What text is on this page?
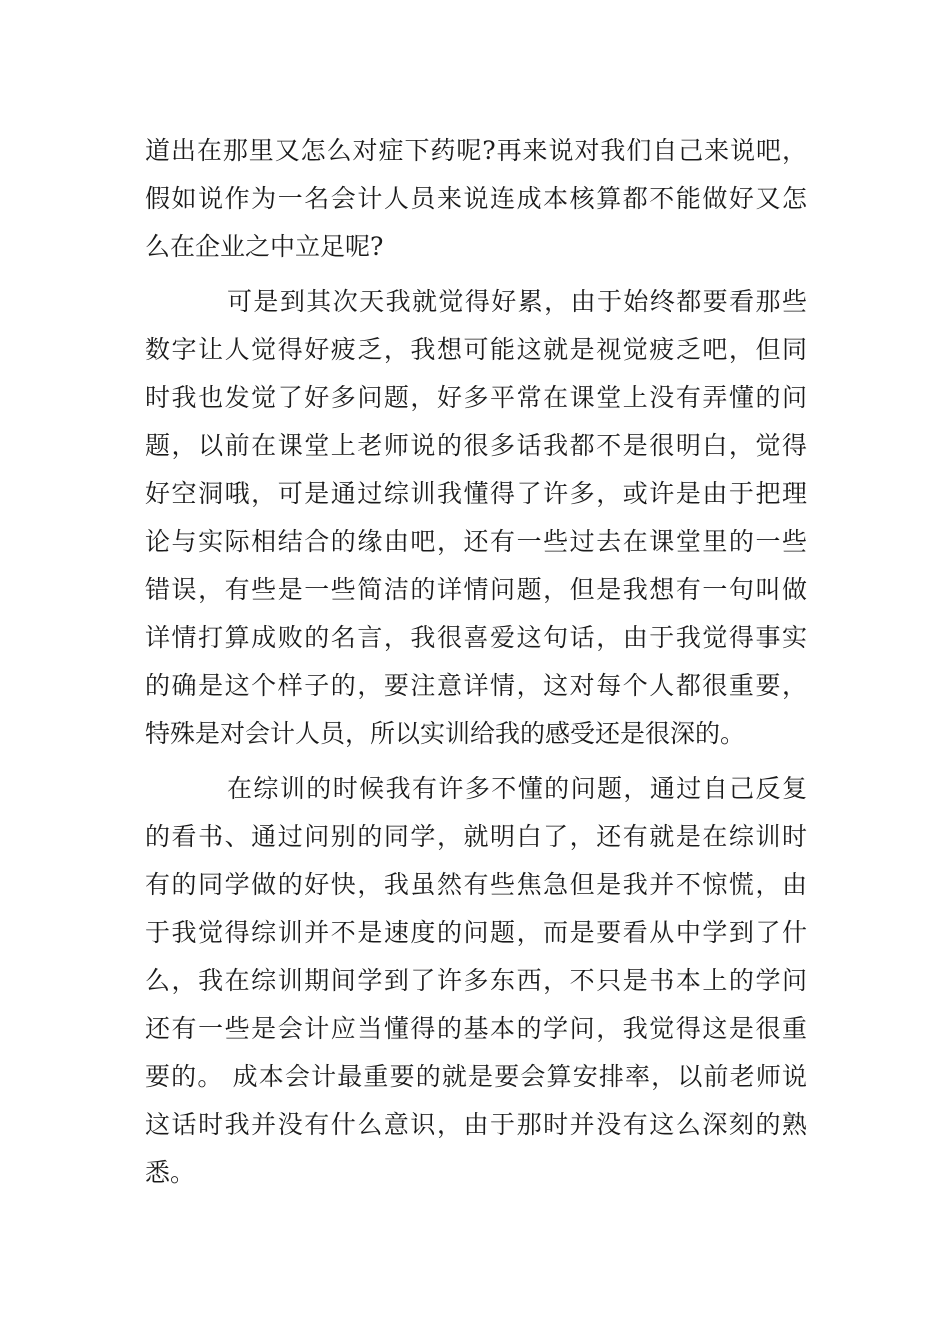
道出在那里又怎么对症下药呢?再来说对我们自己来说吧，
假如说作为一名会计人员来说连成本核算都不能做好又怎
么在企业之中立足呢?
可是到其次天我就觉得好累，由于始终都要看那些
数字让人觉得好疲乏，我想可能这就是视觉疲乏吧，但同
时我也发觉了好多问题，好多平常在课堂上没有弄懂的问
题，以前在课堂上老师说的很多话我都不是很明白，觉得
好空洞哦，可是通过综训我懂得了许多，或许是由于把理
论与实际相结合的缘由吧，还有一些过去在课堂里的一些
错误，有些是一些简洁的详情问题，但是我想有一句叫做
详情打算成败的名言，我很喜爱这句话，由于我觉得事实
的确是这个样子的，要注意详情，这对每个人都很重要，
特殊是对会计人员，所以实训给我的感受还是很深的。
在综训的时候我有许多不懂的问题，通过自己反复
的看书、通过问别的同学，就明白了，还有就是在综训时
有的同学做的好快，我虽然有些焦急但是我并不惊慌，由
于我觉得综训并不是速度的问题，而是要看从中学到了什
么，我在综训期间学到了许多东西，不只是书本上的学问
还有一些是会计应当懂得的基本的学问，我觉得这是很重
要的。 成本会计最重要的就是要会算安排率，以前老师说
这话时我并没有什么意识，由于那时并没有这么深刻的熟
悉。
